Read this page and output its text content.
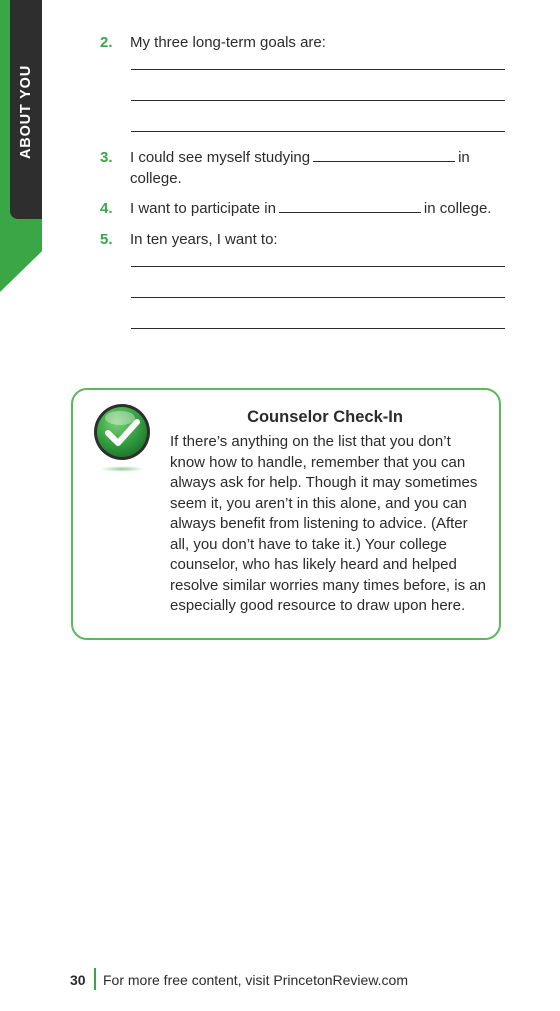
ABOUT YOU
2. My three long-term goals are:
3. I could see myself studying	in
college.
4. I want to participate in	in college.
5. In ten years, I want to:
Counselor Check-In
If there’s anything on the list that you don’t
know how to handle, remember that you can
always ask for help. Though it may sometimes
seem it, you aren’t in this alone, and you can
always benefit from listening to advice. (After
all, you don’t have to take it.) Your college
counselor, who has likely heard and helped
resolve similar worries many times before, is an
especially good resource to draw upon here.
30 For more free content, visit PrincetonReview.com
